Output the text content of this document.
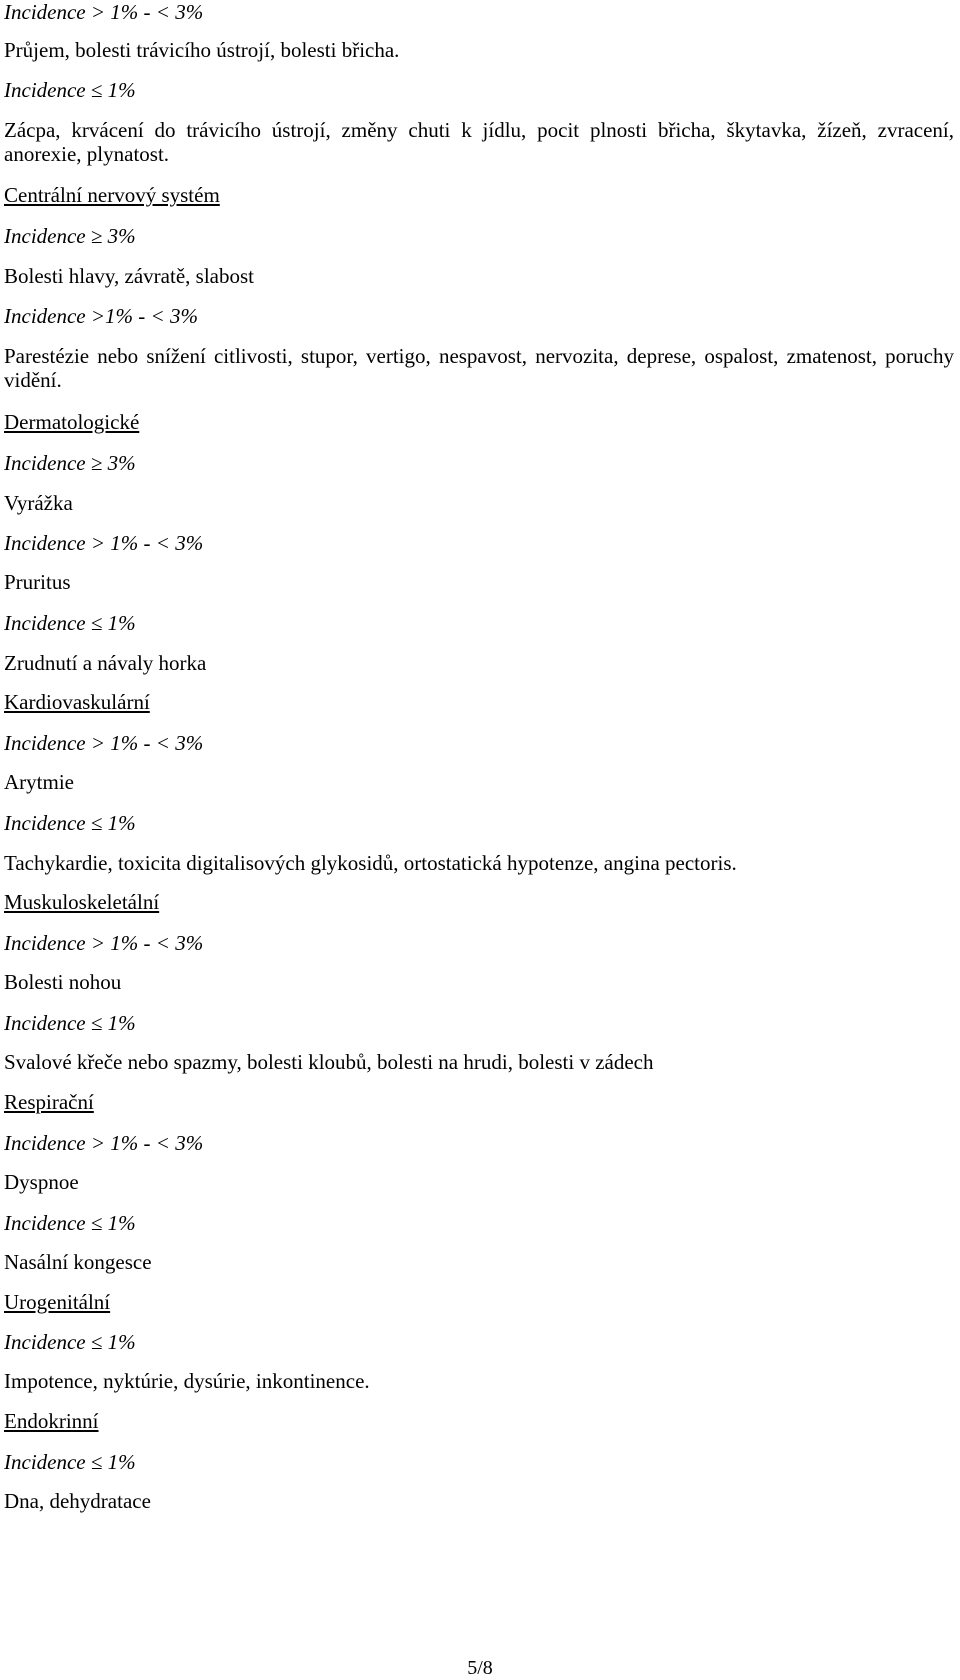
Incidence > 1% - < 3%
Průjem, bolesti trávicího ústrojí, bolesti břicha.
Incidence ≤ 1%
Zácpa, krvácení do trávicího ústrojí, změny chuti k jídlu, pocit plnosti břicha, škytavka, žízeň, zvracení, anorexie, plynatost.
Centrální nervový systém
Incidence ≥ 3%
Bolesti hlavy, závratě, slabost
Incidence >1% - < 3%
Parestézie nebo snížení citlivosti, stupor, vertigo, nespavost, nervozita, deprese, ospalost, zmatenost, poruchy vidění.
Dermatologické
Incidence ≥ 3%
Vyrážka
Incidence > 1% - < 3%
Pruritus
Incidence ≤ 1%
Zrudnutí a návaly horka
Kardiovaskulární
Incidence > 1% - < 3%
Arytmie
Incidence ≤ 1%
Tachykardie, toxicita digitalisových glykosidů, ortostatická hypotenze, angina pectoris.
Muskuloskeletální
Incidence > 1% - < 3%
Bolesti nohou
Incidence ≤ 1%
Svalové křeče nebo spazmy, bolesti kloubů, bolesti na hrudi, bolesti v zádech
Respirační
Incidence > 1% - < 3%
Dyspnoe
Incidence ≤ 1%
Nasální kongesce
Urogenitální
Incidence ≤ 1%
Impotence, nyktúrie, dysúrie, inkontinence.
Endokrinní
Incidence ≤ 1%
Dna, dehydratace
5/8
